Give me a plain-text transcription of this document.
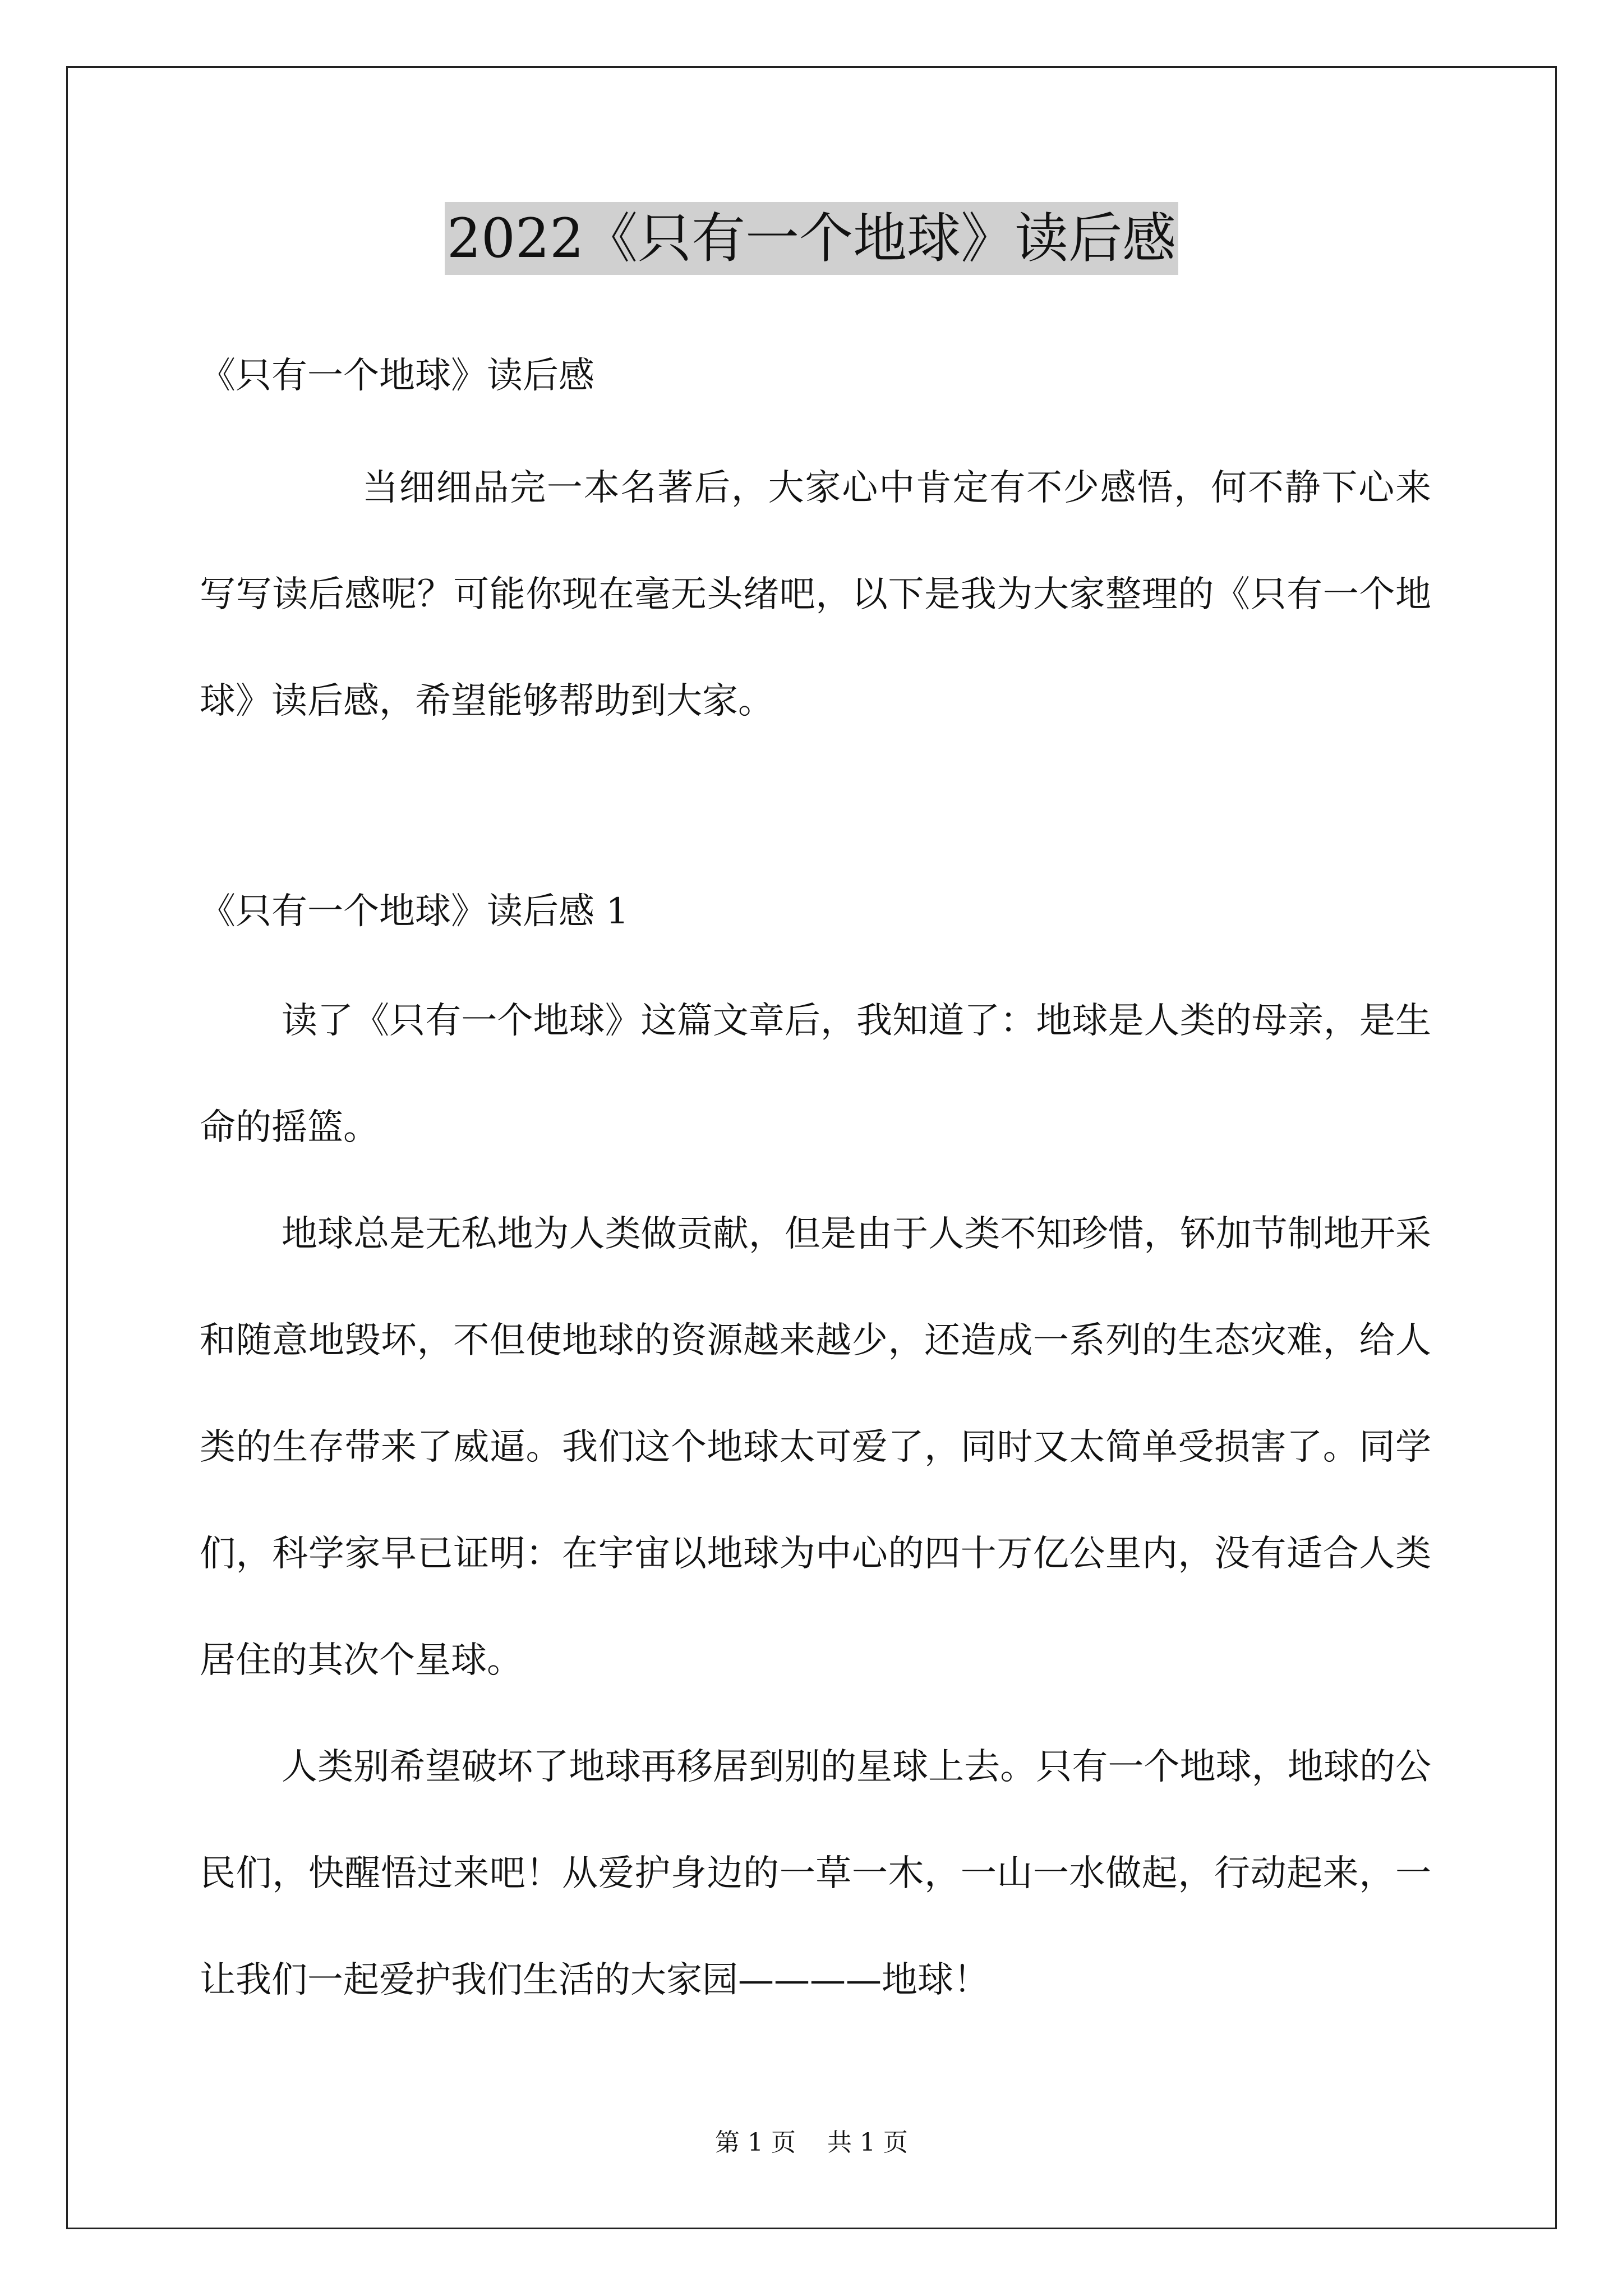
2022《只有一个地球》读后感
《只有一个地球》读后感
当细细品完一本名著后，大家心中肯定有不少感悟，何不静下心来写写读后感呢？可能你现在毫无头绪吧，以下是我为大家整理的《只有一个地球》读后感，希望能够帮助到大家。
《只有一个地球》读后感 1
读了《只有一个地球》这篇文章后，我知道了：地球是人类的母亲，是生命的摇篮。
地球总是无私地为人类做贡献，但是由于人类不知珍惜，钚加节制地开采和随意地毁坏，不但使地球的资源越来越少，还造成一系列的生态灾难，给人类的生存带来了威逼。我们这个地球太可爱了，同时又太简单受损害了。同学们，科学家早已证明：在宇宙以地球为中心的四十万亿公里内，没有适合人类居住的其次个星球。
人类别希望破坏了地球再移居到别的星球上去。只有一个地球，地球的公民们，快醒悟过来吧！从爱护身边的一草一木，一山一水做起，行动起来，一让我们一起爱护我们生活的大家园————地球！
第 1 页    共 1 页
